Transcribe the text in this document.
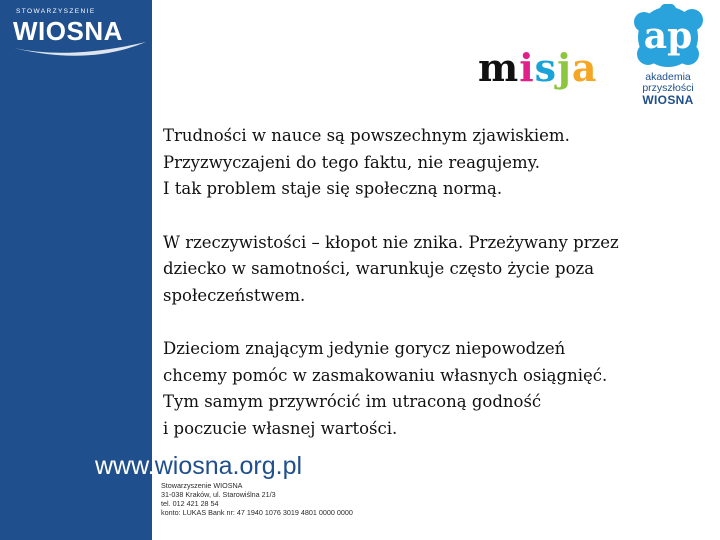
STOWARZYSZENIE
WIOSNA	ap
akademia
przyszłości
WIOSNA
misja

Trudności w nauce są powszechnym zjawiskiem.
Przyzwyczajeni do tego faktu, nie reagujemy.
I tak problem staje się społeczną normą.

W rzeczywistości – kłopot nie znika. Przeżywany przez
dziecko w samotności, warunkuje często życie poza
społeczeństwem.

Dzieciom znającym jedynie gorycz niepowodzeń
chcemy pomóc w zasmakowaniu własnych osiągnięć.
Tym samym przywrócić im utraconą godność
i poczucie własnej wartości.

www.wiosna.org.pl
Stowarzyszenie WIOSNA
31-038 Kraków, ul. Starowiślna 21/3
tel. 012 421 28 54
konto: LUKAS Bank nr: 47 1940 1076 3019 4801 0000 0000
